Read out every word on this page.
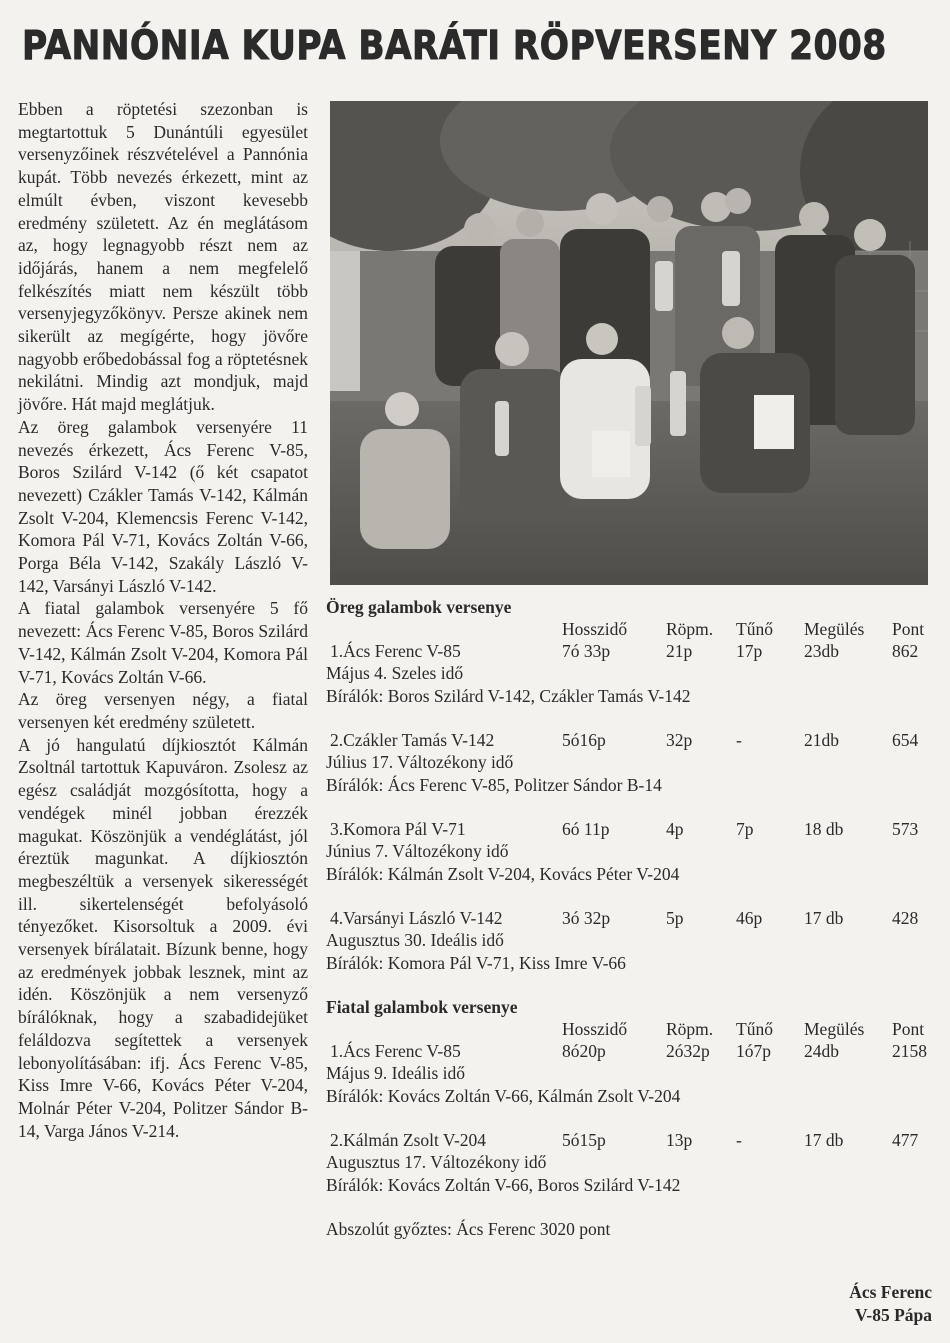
PANNÓNIA KUPA BARÁTI RÖPVERSENY 2008

Ebben a röptetési szezonban is megtartottuk 5 Dunántúli egyesület versenyzőinek részvételével a Pannónia kupát. Több nevezés érkezett, mint az elmúlt évben, viszont kevesebb eredmény született. Az én meglátásom az, hogy legnagyobb részt nem az időjárás, hanem a nem megfelelő felkészítés miatt nem készült több versenyjegyzőkönyv. Persze akinek nem sikerült az megígérte, hogy jövőre nagyobb erőbedobással fog a röptetésnek nekilátni. Mindig azt mondjuk, majd jövőre. Hát majd meglátjuk.

Az öreg galambok versenyére 11 nevezés érkezett, Ács Ferenc V-85, Boros Szilárd V-142 (ő két csapatot nevezett) Czákler Tamás V-142, Kálmán Zsolt V-204, Klemencsis Ferenc V-142, Komora Pál V-71, Kovács Zoltán V-66, Porga Béla V-142, Szakály László V-142, Varsányi László V-142.

A fiatal galambok versenyére 5 fő nevezett: Ács Ferenc V-85, Boros Szilárd V-142, Kálmán Zsolt V-204, Komora Pál V-71, Kovács Zoltán V-66.

Az öreg versenyen négy, a fiatal versenyen két eredmény született.

A jó hangulatú díjkiosztót Kálmán Zsoltnál tartottuk Kapuváron. Zsolesz az egész családját mozgósította, hogy a vendégek minél jobban érezzék magukat. Köszönjük a vendéglátást, jól éreztük magunkat. A díjkiosztón megbeszéltük a versenyek sikerességét ill. sikertelenségét befolyásoló tényezőket. Kisorsoltuk a 2009. évi versenyek bírálatait. Bízunk benne, hogy az eredmények jobbak lesznek, mint az idén. Köszönjük a nem versenyző bírálóknak, hogy a szabadidejüket feláldozva segítettek a versenyek lebonyolításában: ifj. Ács Ferenc V-85, Kiss Imre V-66, Kovács Péter V-204, Molnár Péter V-204, Politzer Sándor B-14, Varga János V-214.

Öreg galambok versenye
Hosszidő Röpm. Tűnő Megülés Pont
1.Ács Ferenc V-85	7ó 33p	21p	17p 23db	862
Május 4. Szeles idő
Bírálók: Boros Szilárd V-142, Czákler Tamás V-142
2.Czákler Tamás V-142	5ó16p	32p	-	21db	654
Július 17. Változékony idő
Bírálók: Ács Ferenc V-85, Politzer Sándor B-14
3.Komora Pál V-71	6ó 11p	4p	7p	18 db	573
Június 7. Változékony idő
Bírálók: Kálmán Zsolt V-204, Kovács Péter V-204
4.Varsányi László V-142	3ó 32p	5p	46p 17 db	428
Augusztus 30. Ideális idő
Bírálók: Komora Pál V-71, Kiss Imre V-66
Fiatal galambok versenye
Hosszidő Röpm. Tűnő Megülés Pont
1.Ács Ferenc V-85	8ó20p	2ó32p 1ó7p 24db	2158
Május 9. Ideális idő
Bírálók: Kovács Zoltán V-66, Kálmán Zsolt V-204
2.Kálmán Zsolt V-204	5ó15p	13p	-	17 db	477
Augusztus 17. Változékony idő
Bírálók: Kovács Zoltán V-66, Boros Szilárd V-142
Abszolút győztes: Ács Ferenc 3020 pont
Ács Ferenc
V-85 Pápa
